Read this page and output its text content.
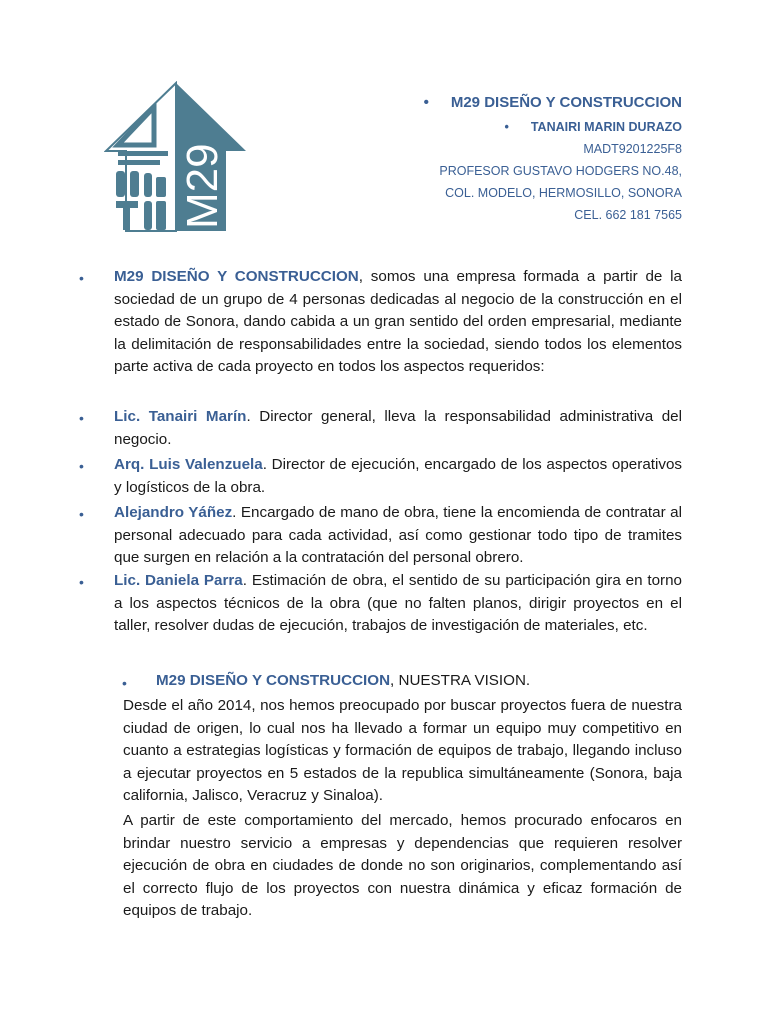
M29
• M29 DISEÑO Y CONSTRUCCION
• TANAIRI MARIN DURAZO
MADT9201225F8
PROFESOR GUSTAVO HODGERS NO.48,
COL. MODELO, HERMOSILLO, SONORA
CEL. 662 181 7565
• M29 DISEÑO Y CONSTRUCCION, somos una empresa formada a partir de la sociedad de un grupo de 4 personas dedicadas al negocio de la construcción en el estado de Sonora, dando cabida a un gran sentido del orden empresarial, mediante la delimitación de responsabilidades entre la sociedad, siendo todos los elementos parte activa de cada proyecto en todos los aspectos requeridos:
• Lic. Tanairi Marín. Director general, lleva la responsabilidad administrativa del negocio.
• Arq. Luis Valenzuela. Director de ejecución, encargado de los aspectos operativos y logísticos de la obra.
• Alejandro Yáñez. Encargado de mano de obra, tiene la encomienda de contratar al personal adecuado para cada actividad, así como gestionar todo tipo de tramites que surgen en relación a la contratación del personal obrero.
• Lic. Daniela Parra. Estimación de obra, el sentido de su participación gira en torno a los aspectos técnicos de la obra (que no falten planos, dirigir proyectos en el taller, resolver dudas de ejecución, trabajos de investigación de materiales, etc.
• M29 DISEÑO Y CONSTRUCCION, NUESTRA VISION.
Desde el año 2014, nos hemos preocupado por buscar proyectos fuera de nuestra ciudad de origen, lo cual nos ha llevado a formar un equipo muy competitivo en cuanto a estrategias logísticas y formación de equipos de trabajo, llegando incluso a ejecutar proyectos en 5 estados de la republica simultáneamente (Sonora, baja california, Jalisco, Veracruz y Sinaloa).
A partir de este comportamiento del mercado, hemos procurado enfocaros en brindar nuestro servicio a empresas y dependencias que requieren resolver ejecución de obra en ciudades de donde no son originarios, complementando así el correcto flujo de los proyectos con nuestra dinámica y eficaz formación de equipos de trabajo.
